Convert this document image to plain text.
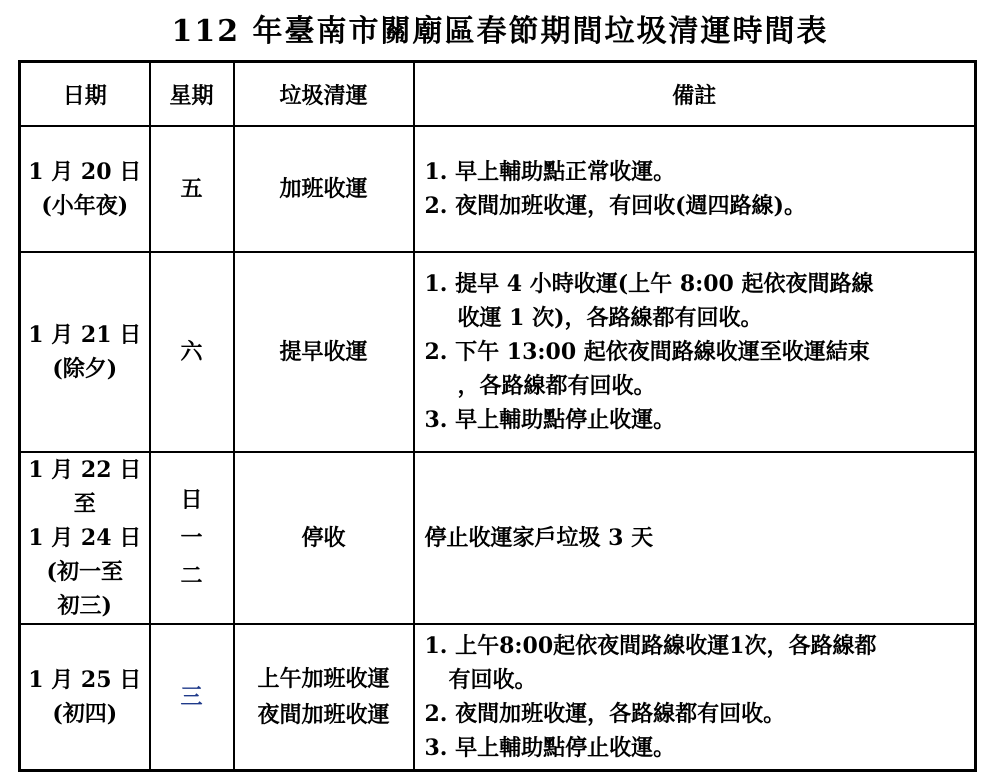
112 年臺南市關廟區春節期間垃圾清運時間表
日期	星期	垃圾清運	備註

1 月 20 日
(小年夜)	五	加班收運	1. 早上輔助點正常收運。
2. 夜間加班收運，有回收(週四路線)。

1 月 21 日
(除夕)	六	提早收運	1. 提早 4 小時收運(上午 8:00 起依夜間路線
收運 1 次)，各路線都有回收。
2. 下午 13:00 起依夜間路線收運至收運結束
，各路線都有回收。
3. 早上輔助點停止收運。

1 月 22 日
至
1 月 24 日
(初一至
初三)	日
一
二	停收	停止收運家戶垃圾 3 天

1 月 25 日
(初四)	三	上午加班收運
夜間加班收運	1. 上午8:00起依夜間路線收運1次，各路線都
有回收。
2. 夜間加班收運，各路線都有回收。
3. 早上輔助點停止收運。
